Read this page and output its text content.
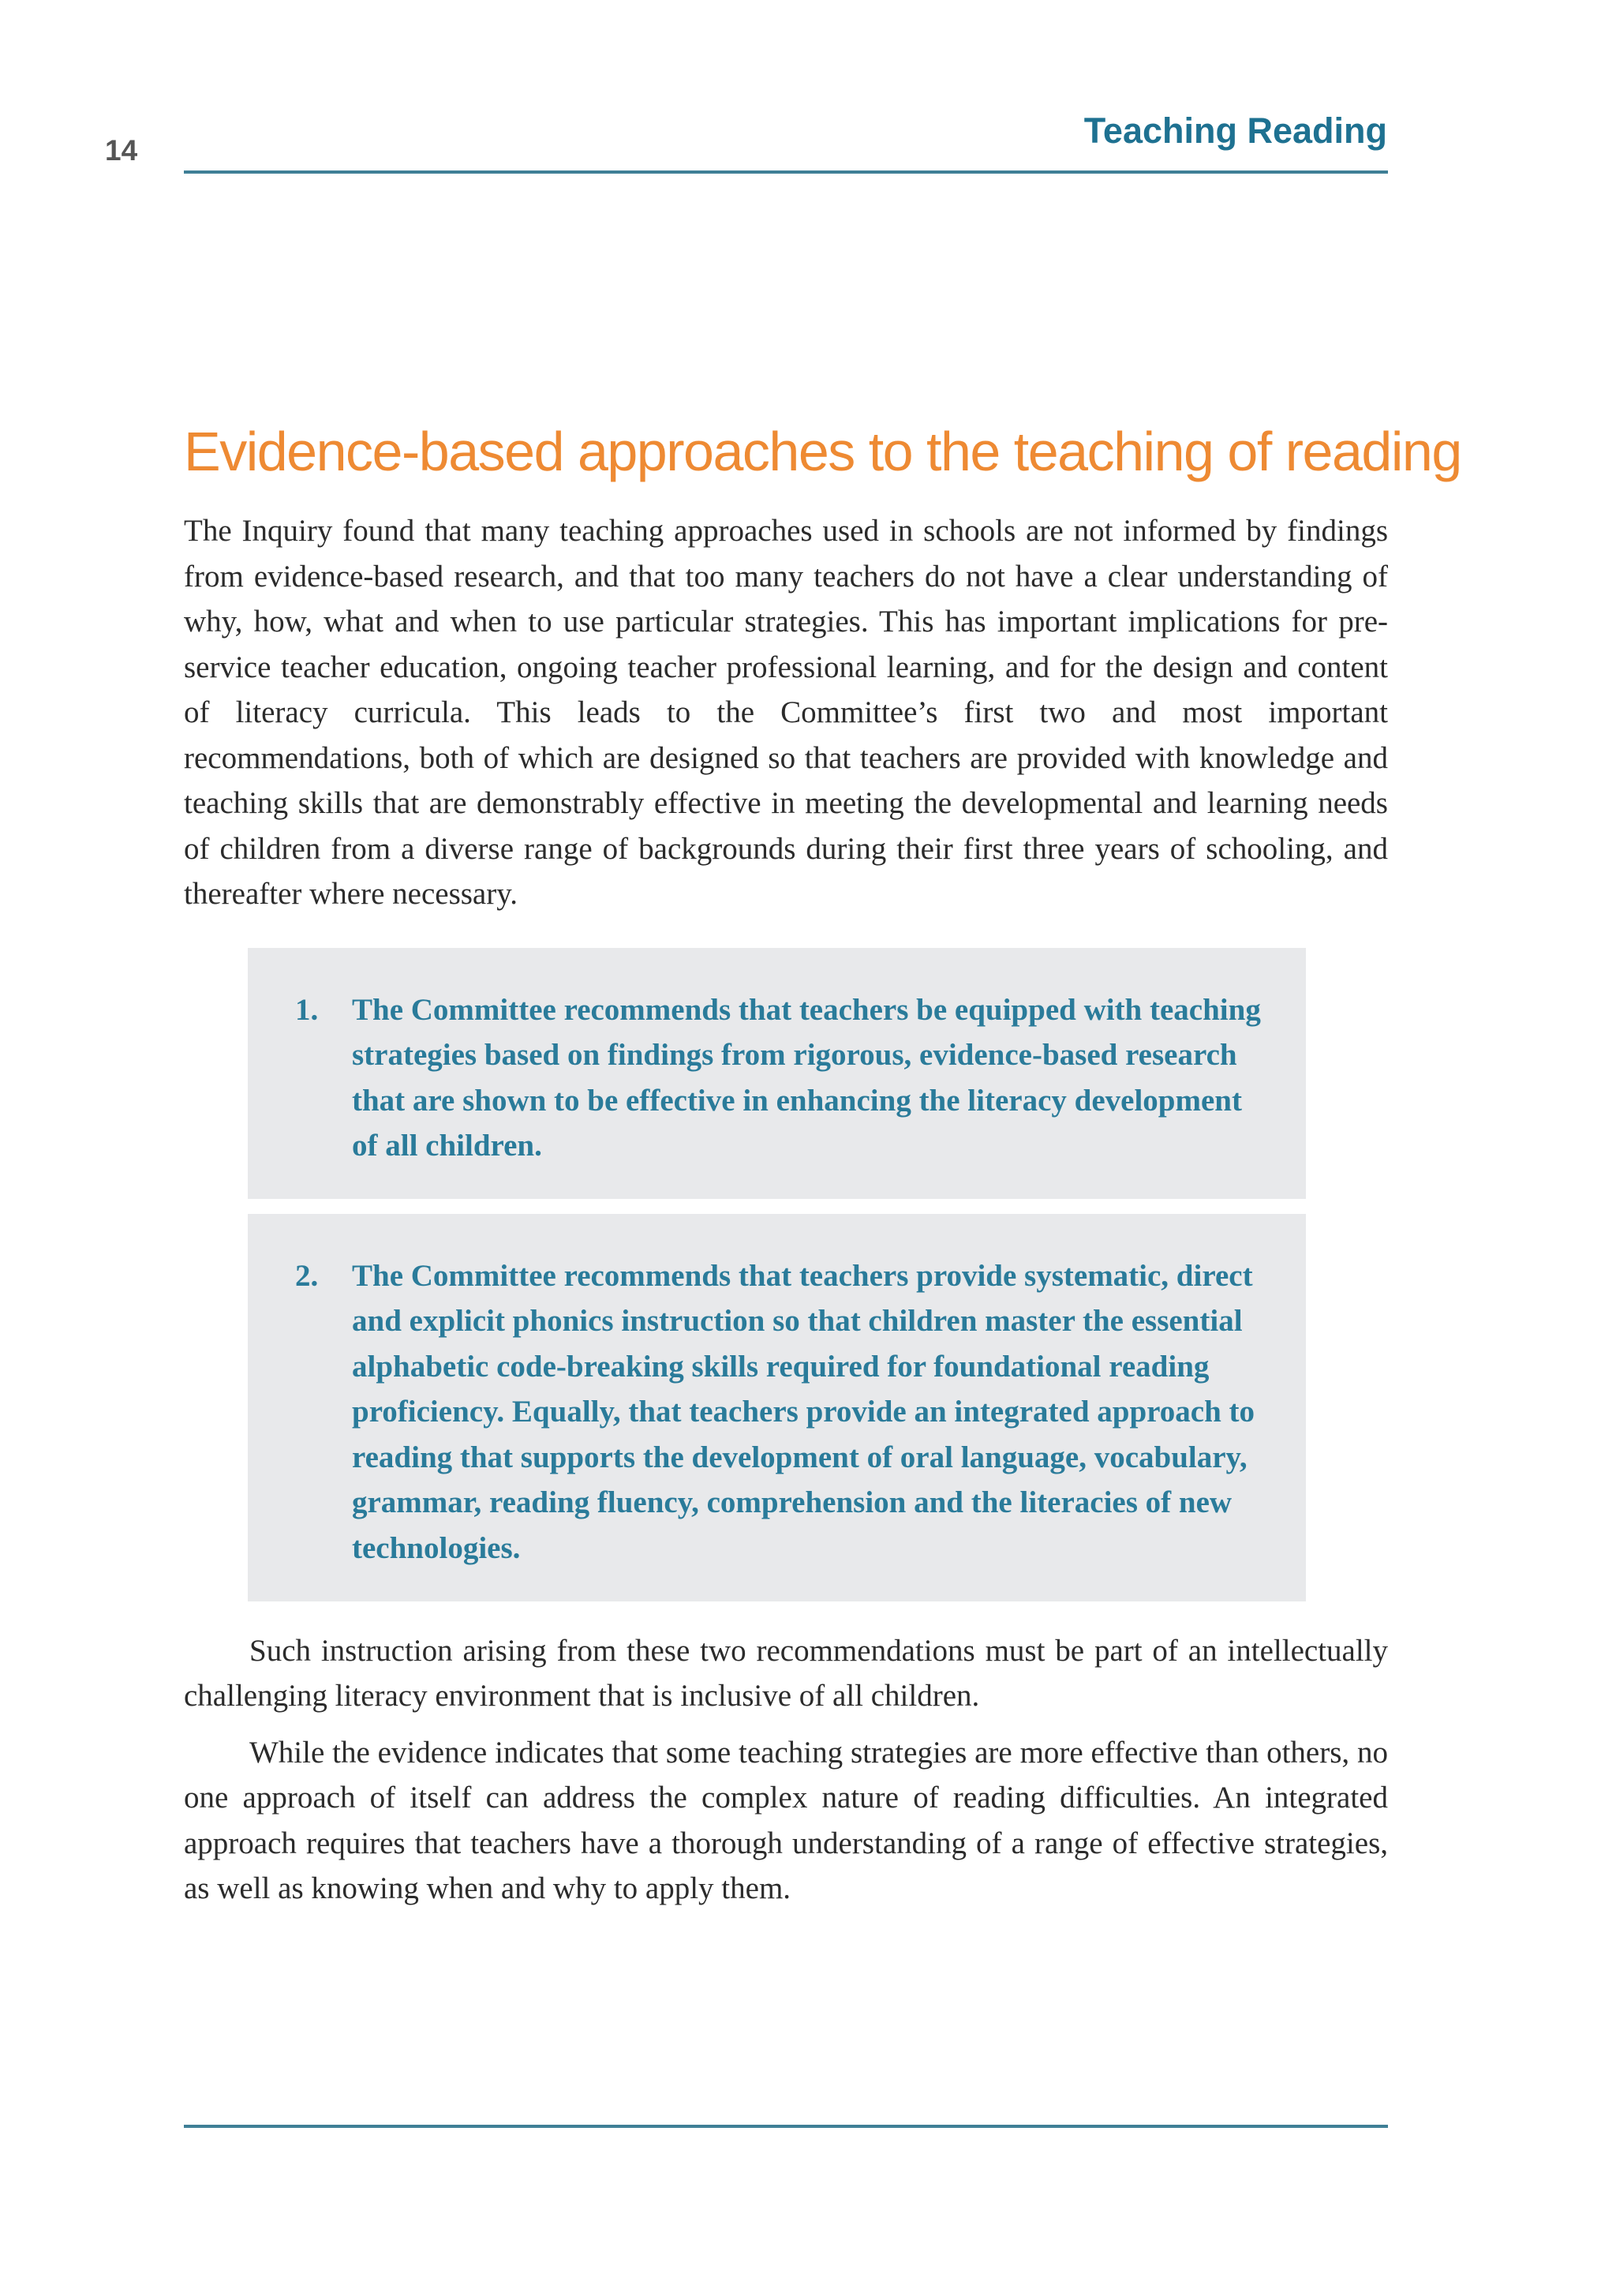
14	Teaching Reading
Evidence-based approaches to the teaching of reading

The Inquiry found that many teaching approaches used in schools are not informed by findings from evidence-based research, and that too many teachers do not have a clear understanding of why, how, what and when to use particular strategies. This has important implications for pre-service teacher education, ongoing teacher professional learning, and for the design and content of literacy curricula. This leads to the Committee’s first two and most important recommendations, both of which are designed so that teachers are provided with knowledge and teaching skills that are demonstrably effective in meeting the developmental and learning needs of children from a diverse range of backgrounds during their first three years of schooling, and thereafter where necessary.

1.	The Committee recommends that teachers be equipped with teaching strategies based on findings from rigorous, evidence-based research that are shown to be effective in enhancing the literacy development of all children.
2.	The Committee recommends that teachers provide systematic, direct and explicit phonics instruction so that children master the essential alphabetic code-breaking skills required for foundational reading proficiency. Equally, that teachers provide an integrated approach to reading that supports the development of oral language, vocabulary, grammar, reading fluency, comprehension and the literacies of new technologies.

Such instruction arising from these two recommendations must be part of an intellectually challenging literacy environment that is inclusive of all children.

While the evidence indicates that some teaching strategies are more effective than others, no one approach of itself can address the complex nature of reading difficulties. An integrated approach requires that teachers have a thorough understanding of a range of effective strategies, as well as knowing when and why to apply them.
